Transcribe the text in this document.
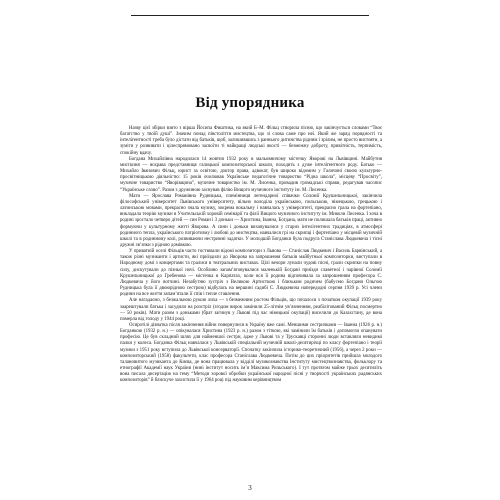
Від упорядника

Назву цієї збірки взято з вірша Йосипа Фиштика, на який Б–М. Фільц створила пісню, що закінчується словами “Твоє багатство у твоїй душі”. Значим понад півстоліття мистецтва, що зі слова саме про неї. Який же заряд порядності та інтелігентності треба було дістати від батьків, щоб, залишившись з раннього дитинства рідним і зрілим, не просто вистояти, а зуміти у розвивати і цілеспрямовано засвоїти ті найкращі людські якості — безмежну доброту, привітність, терпимість, спокійну вдачу.

Богдана Михайлівна народилася 14 жовтня 1932 року в мальовничому містечку Яворові на Львівщині. Майбутня мисткиня — яскрава представниця галицької композиторської школи, походить з дуже інтелігентного роду. Батько — Михайло Іванович Фільц, юрист за освітою, доктор права, адвокат, був широко відомим у Галичині своєю культурно-просвітницькою діяльністю: 15 років очолював Українське педагогічне товариство “Рідна школа”, місцеву “Просвіту”, музичне товариство “Яворівщина”, музичне товариство ім. М. Лисенка, провадив громадські справи, редагував часопис “Українське слово”. Разом з дружиною заснував філію Вищого музичного інституту ім. М. Лисенка.

Мати — Ярослава Романівна Рудницька, племінниця легендарної співачки Соломії Крушельницької, закінчила філософський університет Львівського університету, вільно володіла українською, польською, німецькою, грецькою і латинською мовами, прекрасно знала музику, зокрема вокальну і навчалась у університеті, прекрасно грала на фортепіано, викладала теорію музики в Учительській хоровій семінарії та філії Вищого музичного інституту ім. Миколи Лисенка. І хоча в родині зростало четверо дітей — син Роман і 3 доньки — Христина, Іванна, Богдана, мати не полишала батьків праці, активно формуючи у культурному житті Яворова. А сини і доньки виховувалися у старих інтелігентних традиціях, в атмосфері родинного тепла, українського патріотизму і любові до мистецтва, навчалися грі на скрипці і фортепіано у місцевій музичній школі та в родинному колі, розвиваючи нестримні задатки. У молодшій Богданки була подруга Станіслава Людкевича і тісні дружні зв’язки з рідною домівкою.

У приватній оселі Фільців часто гостювали відомі композитори з Львова — Станіслав Людкевич і Василь Барвінський, а також різні музиканти і артисти, які приїздили до Яворова на запрошення батьків майбутньої композиторки, виступали в Народному домі з концертами та гралися в театральних виставах. Цілі вечори лунали чудові пісні, грали скрипки на повну силу, дискутували до пізньої ночі. Особливо запам’ятовувалися маленькій Богдані приїзди славетної і чарівної Соломії Крушельницької до Гребенова — містечка в Карпатах, коли вся її родина відпочивала за запрошенням професора С. Людкевича у його вотчині. Незабутню зустріч з Великою Артисткою і близьким родичем (бабусею Богдани Ольгою Рудницька була її двоюрідною сестрою) відбулась на вершині садибі С. Людкевича напередодні серпня 1939 р. Усі члени родини на все життя запам’ятали її спів і тепле ставлення.

Але нагадаємо, з безжальною рукою лиха — з безмежним ростом Фільців, що почалося з початком окупації 1939 року заарештували батька і засудили на розстріл (згодом вирок замінили 25-літнім ув’язненням, реабілітований Фільц посмертно — 50 років). Мати разом з доньками (брат загинув у Львові під час німецької окупації) виселили до Казахстану, де вона померла від голоду у 1944 році.

Осиротілі дівчатка після закінчення війни повернулися в Україну вже самі. Меншими сестричками — Іванна (1926 р. н.) Богданкою (1932 р. н.) — опікувалася Христина (1923 р. н.) разом з тіткою, які замінили їм батьків і допомогли опанувати професію. Це був складний шлях для найменшої сестри, адже у Львові та у Трускавці сторонні люди вставляли невидимі палки у колеса. Богданка Фільц навчалася у Львівській спеціальній музичній школі-десятирічці по класу фортепіано і теорії музики з 1951 року вступила до Львівської консерваторії. Спочатку закінчила історико-теоретичний (1956), а через 2 роки — композиторський (1958) факультети, клас професора Станіслава Людкевича. Потім до цих пріоритетів прийшла молодого талановитого музиканта до Києва, де вона працювала у відділі музикознавства Інституту мистецтвознавства, фольклору та етнографії Академії наук України (нині інститут носить ім’я Максима Рильського). І тут протягом майже трьох десятиліть вона писала дисертацію на тему “Методи хорової обробки української народної пісні у творчості українських радянських композиторів” й блискуче захистила її у 1964 році під науковим керівництвом

3
